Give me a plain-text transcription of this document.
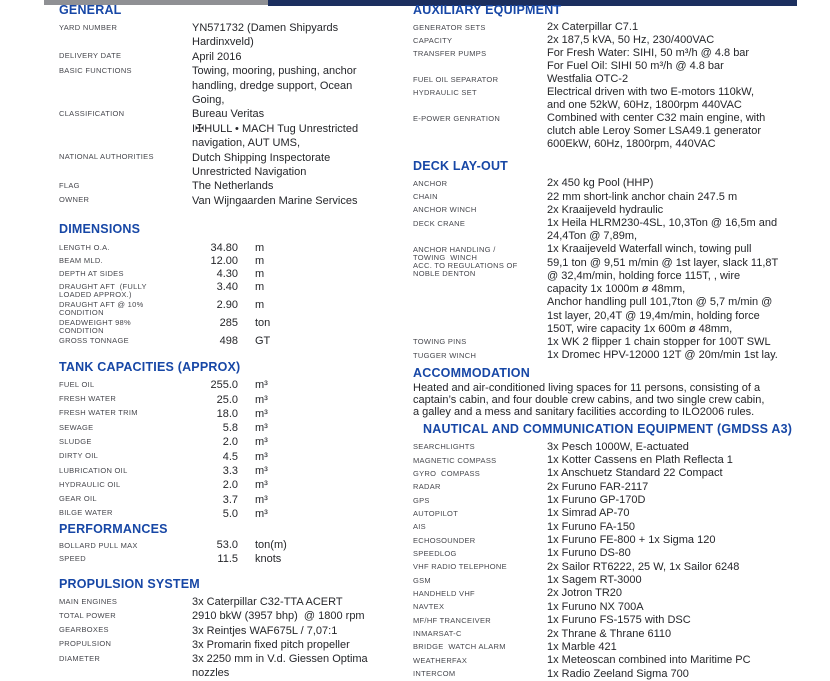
GENERAL
YARD NUMBER	YN571732 (Damen Shipyards
Hardinxveld)
DELIVERY DATE	April 2016
BASIC FUNCTIONS	Towing, mooring, pushing, anchor
handling, dredge support, Ocean
Going,
CLASSIFICATION	Bureau Veritas
I✠HULL • MACH Tug Unrestricted
navigation, AUT UMS,
NATIONAL AUTHORITIES	Dutch Shipping Inspectorate
Unrestricted Navigation
FLAG	The Netherlands
OWNER	Van Wijngaarden Marine Services
DIMENSIONS
LENGTH O.A.	34.80 m
BEAM MLD.	12.00 m
DEPTH AT SIDES	4.30 m
DRAUGHT AFT  (FULLY
LOADED APPROX.)
3.40 m
DRAUGHT AFT @ 10%
CONDITION
2.90 m
DEADWEIGHT 98%
CONDITION
285 ton
GROSS TONNAGE	498 GT
TANK CAPACITIES (APPROX)
FUEL OIL	255.0 m³
FRESH WATER	25.0 m³
FRESH WATER TRIM	18.0 m³
SEWAGE	5.8 m³
SLUDGE	2.0 m³
DIRTY OIL	4.5 m³
LUBRICATION OIL	3.3 m³
HYDRAULIC OIL	2.0 m³
GEAR OIL	3.7 m³
BILGE WATER	5.0 m³
PERFORMANCES
BOLLARD PULL MAX	53.0 ton(m)
SPEED	11.5 knots
PROPULSION SYSTEM
MAIN ENGINES	3x Caterpillar C32-TTA ACERT
TOTAL POWER	2910 bkW (3957 bhp)  @ 1800 rpm
GEARBOXES	3x Reintjes WAF675L / 7,07:1
PROPULSION	3x Promarin fixed pitch propeller
DIAMETER	3x 2250 mm in V.d. Giessen Optima
nozzles
AUXILIARY EQUIPMENT
GENERATOR SETS	2x Caterpillar C7.1
CAPACITY	2x 187,5 kVA, 50 Hz, 230/400VAC
TRANSFER PUMPS	For Fresh Water: SIHI, 50 m³/h @ 4.8 bar
For Fuel Oil: SIHI 50 m³/h @ 4.8 bar
FUEL OIL SEPARATOR	Westfalia OTC-2
HYDRAULIC SET	Electrical driven with two E-motors 110kW,
and one 52kW, 60Hz, 1800rpm 440VAC
E-POWER GENRATION	Combined with center C32 main engine, with
clutch able Leroy Somer LSA49.1 generator
600EkW, 60Hz, 1800rpm, 440VAC
DECK LAY-OUT
ANCHOR	2x 450 kg Pool (HHP)
CHAIN	22 mm short-link anchor chain 247.5 m
ANCHOR WINCH	2x Kraaijeveld hydraulic
DECK CRANE	1x Heila HLRM230-4SL, 10,3Ton @ 16,5m and
24,4Ton @ 7,89m,
ANCHOR HANDLING /
TOWING  WINCH
ACC. TO REGULATIONS OF
NOBLE DENTON
1x Kraaijeveld Waterfall winch, towing pull
59,1 ton @ 9,51 m/min @ 1st layer, slack 11,8T
@ 32,4m/min, holding force 115T, , wire
capacity 1x 1000m ø 48mm,
Anchor handling pull 101,7ton @ 5,7 m/min @
1st layer, 20,4T @ 19,4m/min, holding force
150T, wire capacity 1x 600m ø 48mm,
TOWING PINS	1x WK 2 flipper 1 chain stopper for 100T SWL
TUGGER WINCH	1x Dromec HPV-12000 12T @ 20m/min 1st lay.
ACCOMMODATION
Heated and air-conditioned living spaces for 11 persons, consisting of a
captain’s cabin, and four double crew cabins, and two single crew cabin,
a galley and a mess and sanitary facilities according to ILO2006 rules.
NAUTICAL AND COMMUNICATION EQUIPMENT (GMDSS A3)
SEARCHLIGHTS	3x Pesch 1000W, E-actuated
MAGNETIC COMPASS	1x Kotter Cassens en Plath Reflecta 1
GYRO  COMPASS	1x Anschuetz Standard 22 Compact
RADAR	2x Furuno FAR-2117
GPS	1x Furuno GP-170D
AUTOPILOT	1x Simrad AP-70
AIS	1x Furuno FA-150
ECHOSOUNDER	1x Furuno FE-800 + 1x Sigma 120
SPEEDLOG	1x Furuno DS-80
VHF RADIO TELEPHONE	2x Sailor RT6222, 25 W, 1x Sailor 6248
GSM	1x Sagem RT-3000
HANDHELD VHF	2x Jotron TR20
NAVTEX	1x Furuno NX 700A
MF/HF TRANCEIVER	1x Furuno FS-1575 with DSC
INMARSAT-C	2x Thrane & Thrane 6110
BRIDGE  WATCH ALARM	1x Marble 421
WEATHERFAX	1x Meteoscan combined into Maritime PC
INTERCOM	1x Radio Zeeland Sigma 700
